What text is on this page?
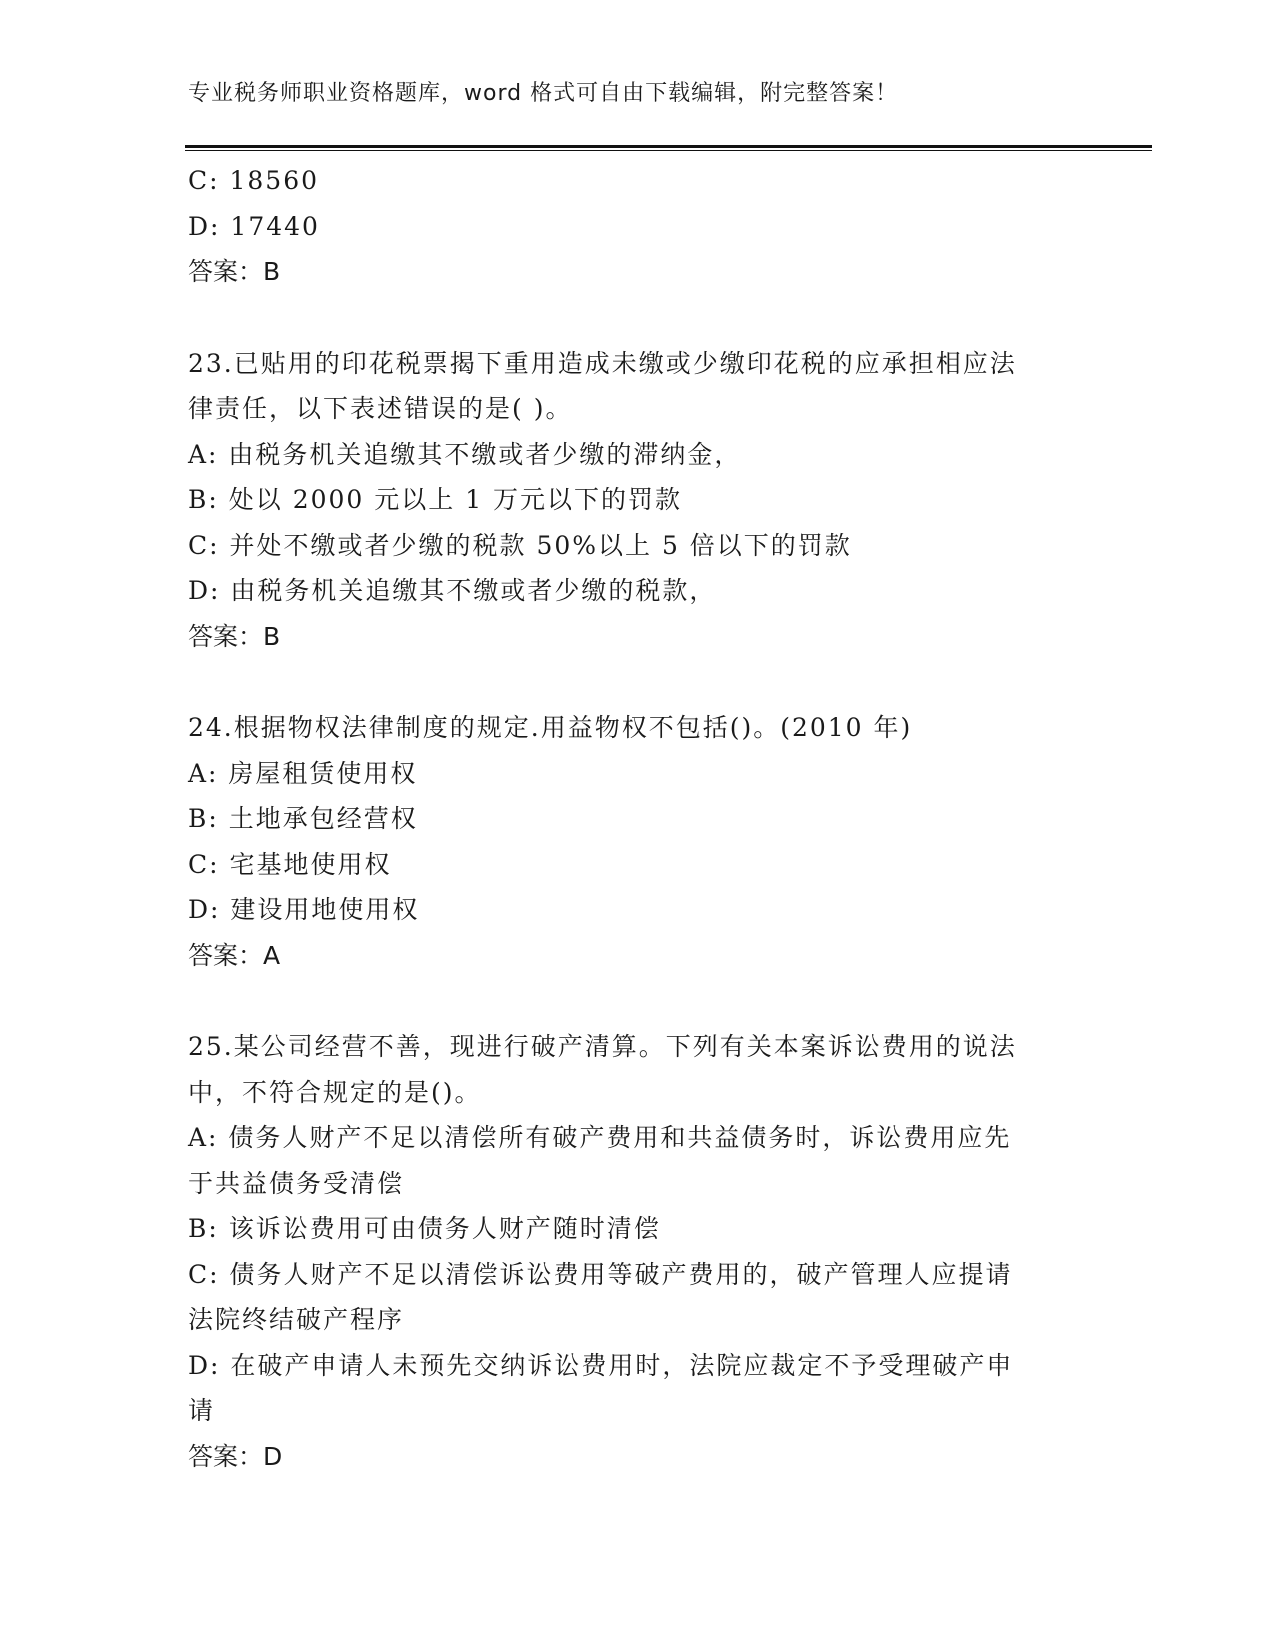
专业税务师职业资格题库，word 格式可自由下载编辑，附完整答案！
C: 18560
D: 17440
答案：B
23.已贴用的印花税票揭下重用造成未缴或少缴印花税的应承担相应法
律责任，以下表述错误的是( )。
A: 由税务机关追缴其不缴或者少缴的滞纳金，
B: 处以 2000 元以上 1 万元以下的罚款
C: 并处不缴或者少缴的税款 50%以上 5 倍以下的罚款
D: 由税务机关追缴其不缴或者少缴的税款，
答案：B
24.根据物权法律制度的规定.用益物权不包括()。(2010 年)
A: 房屋租赁使用权
B: 土地承包经营权
C: 宅基地使用权
D: 建设用地使用权
答案：A
25.某公司经营不善，现进行破产清算。下列有关本案诉讼费用的说法
中，不符合规定的是()。
A: 债务人财产不足以清偿所有破产费用和共益债务时，诉讼费用应先
于共益债务受清偿
B: 该诉讼费用可由债务人财产随时清偿
C: 债务人财产不足以清偿诉讼费用等破产费用的，破产管理人应提请
法院终结破产程序
D: 在破产申请人未预先交纳诉讼费用时，法院应裁定不予受理破产申
请
答案：D
